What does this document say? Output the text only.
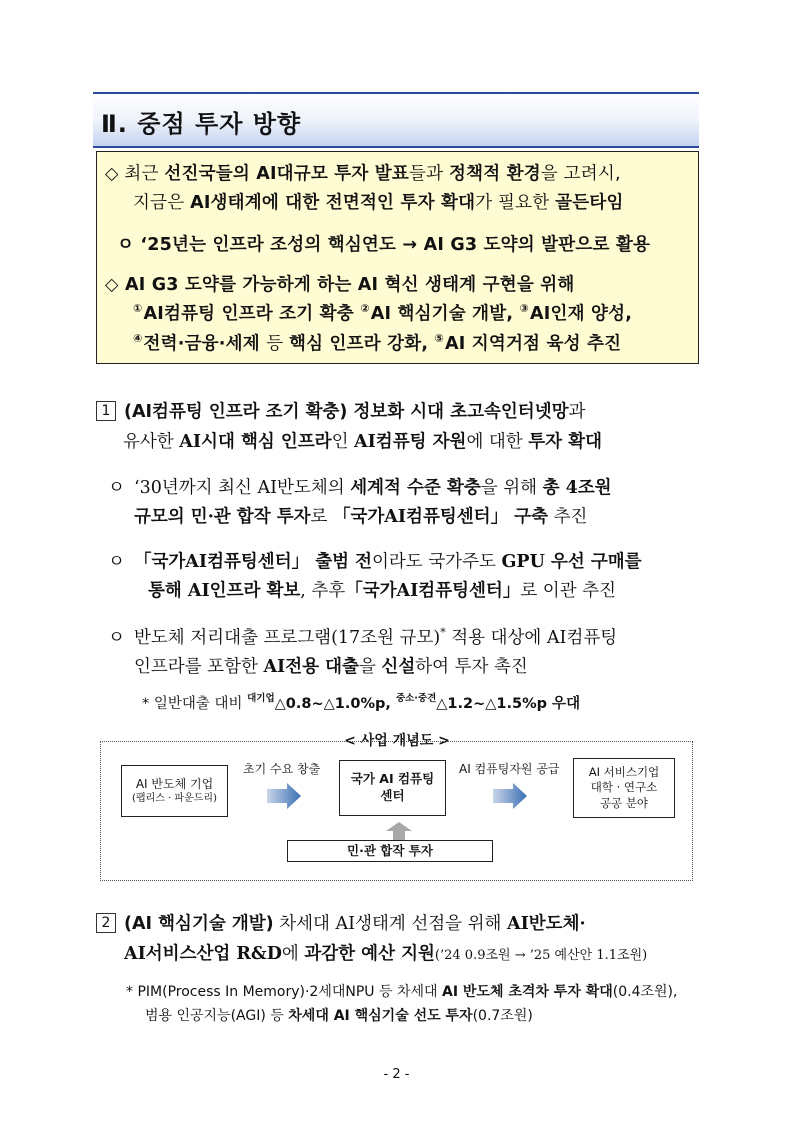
Ⅱ. 중점 투자 방향
◇ 최근 선진국들의 AI대규모 투자 발표들과 정책적 환경을 고려시,
지금은 AI생태계에 대한 전면적인 투자 확대가 필요한 골든타임
ㅇ ‘25년는 인프라 조성의 핵심연도 → AI G3 도약의 발판으로 활용
◇ AI G3 도약를 가능하게 하는 AI 혁신 생태계 구현을 위해
①AI컴퓨팅 인프라 조기 확충 ②AI 핵심기술 개발, ③AI인재 양성,
④전력·금융·세제 등 핵심 인프라 강화, ⑤AI 지역거점 육성 추진
1 (AI컴퓨팅 인프라 조기 확충) 정보화 시대 초고속인터넷망과
유사한 AI시대 핵심 인프라인 AI컴퓨팅 자원에 대한 투자 확대
ㅇ ‘30년까지 최신 AI반도체의 세계적 수준 확충을 위해 총 4조원
규모의 민·관 합작 투자로 「국가AI컴퓨팅센터」 구축 추진
ㅇ 「국가AI컴퓨팅센터」 출범 전이라도 국가주도 GPU 우선 구매를
통해 AI인프라 확보, 추후「국가AI컴퓨팅센터」로 이관 추진
ㅇ 반도체 저리대출 프로그램(17조원 규모)* 적용 대상에 AI컴퓨팅
인프라를 포함한 AI전용 대출을 신설하여 투자 촉진
* 일반대출 대비 $^{대기업}$△0.8~△1.0%p, $^{중소\cdot 중견}$△1.2~△1.5%p 우대
< 사업 개념도 >
AI 반도체 기업
(팹리스 · 파운드리)
초기 수요 창출
국가 AI 컴퓨팅
센터
AI 컴퓨팅자원 공급	AI 서비스기업
대학 · 연구소
공공 분야
민·관 합작 투자
2 (AI 핵심기술 개발) 차세대 AI생태계 선점을 위해 AI반도체·
AI서비스산업 R&D에 과감한 예산 지원(’24 0.9조원 → ’25 예산안 1.1조원)
* PIM(Process In Memory)·2세대NPU 등 차세대 AI 반도체 초격차 투자 확대(0.4조원),
범용 인공지능(AGI) 등 차세대 AI 핵심기술 선도 투자(0.7조원)
- 2 -
